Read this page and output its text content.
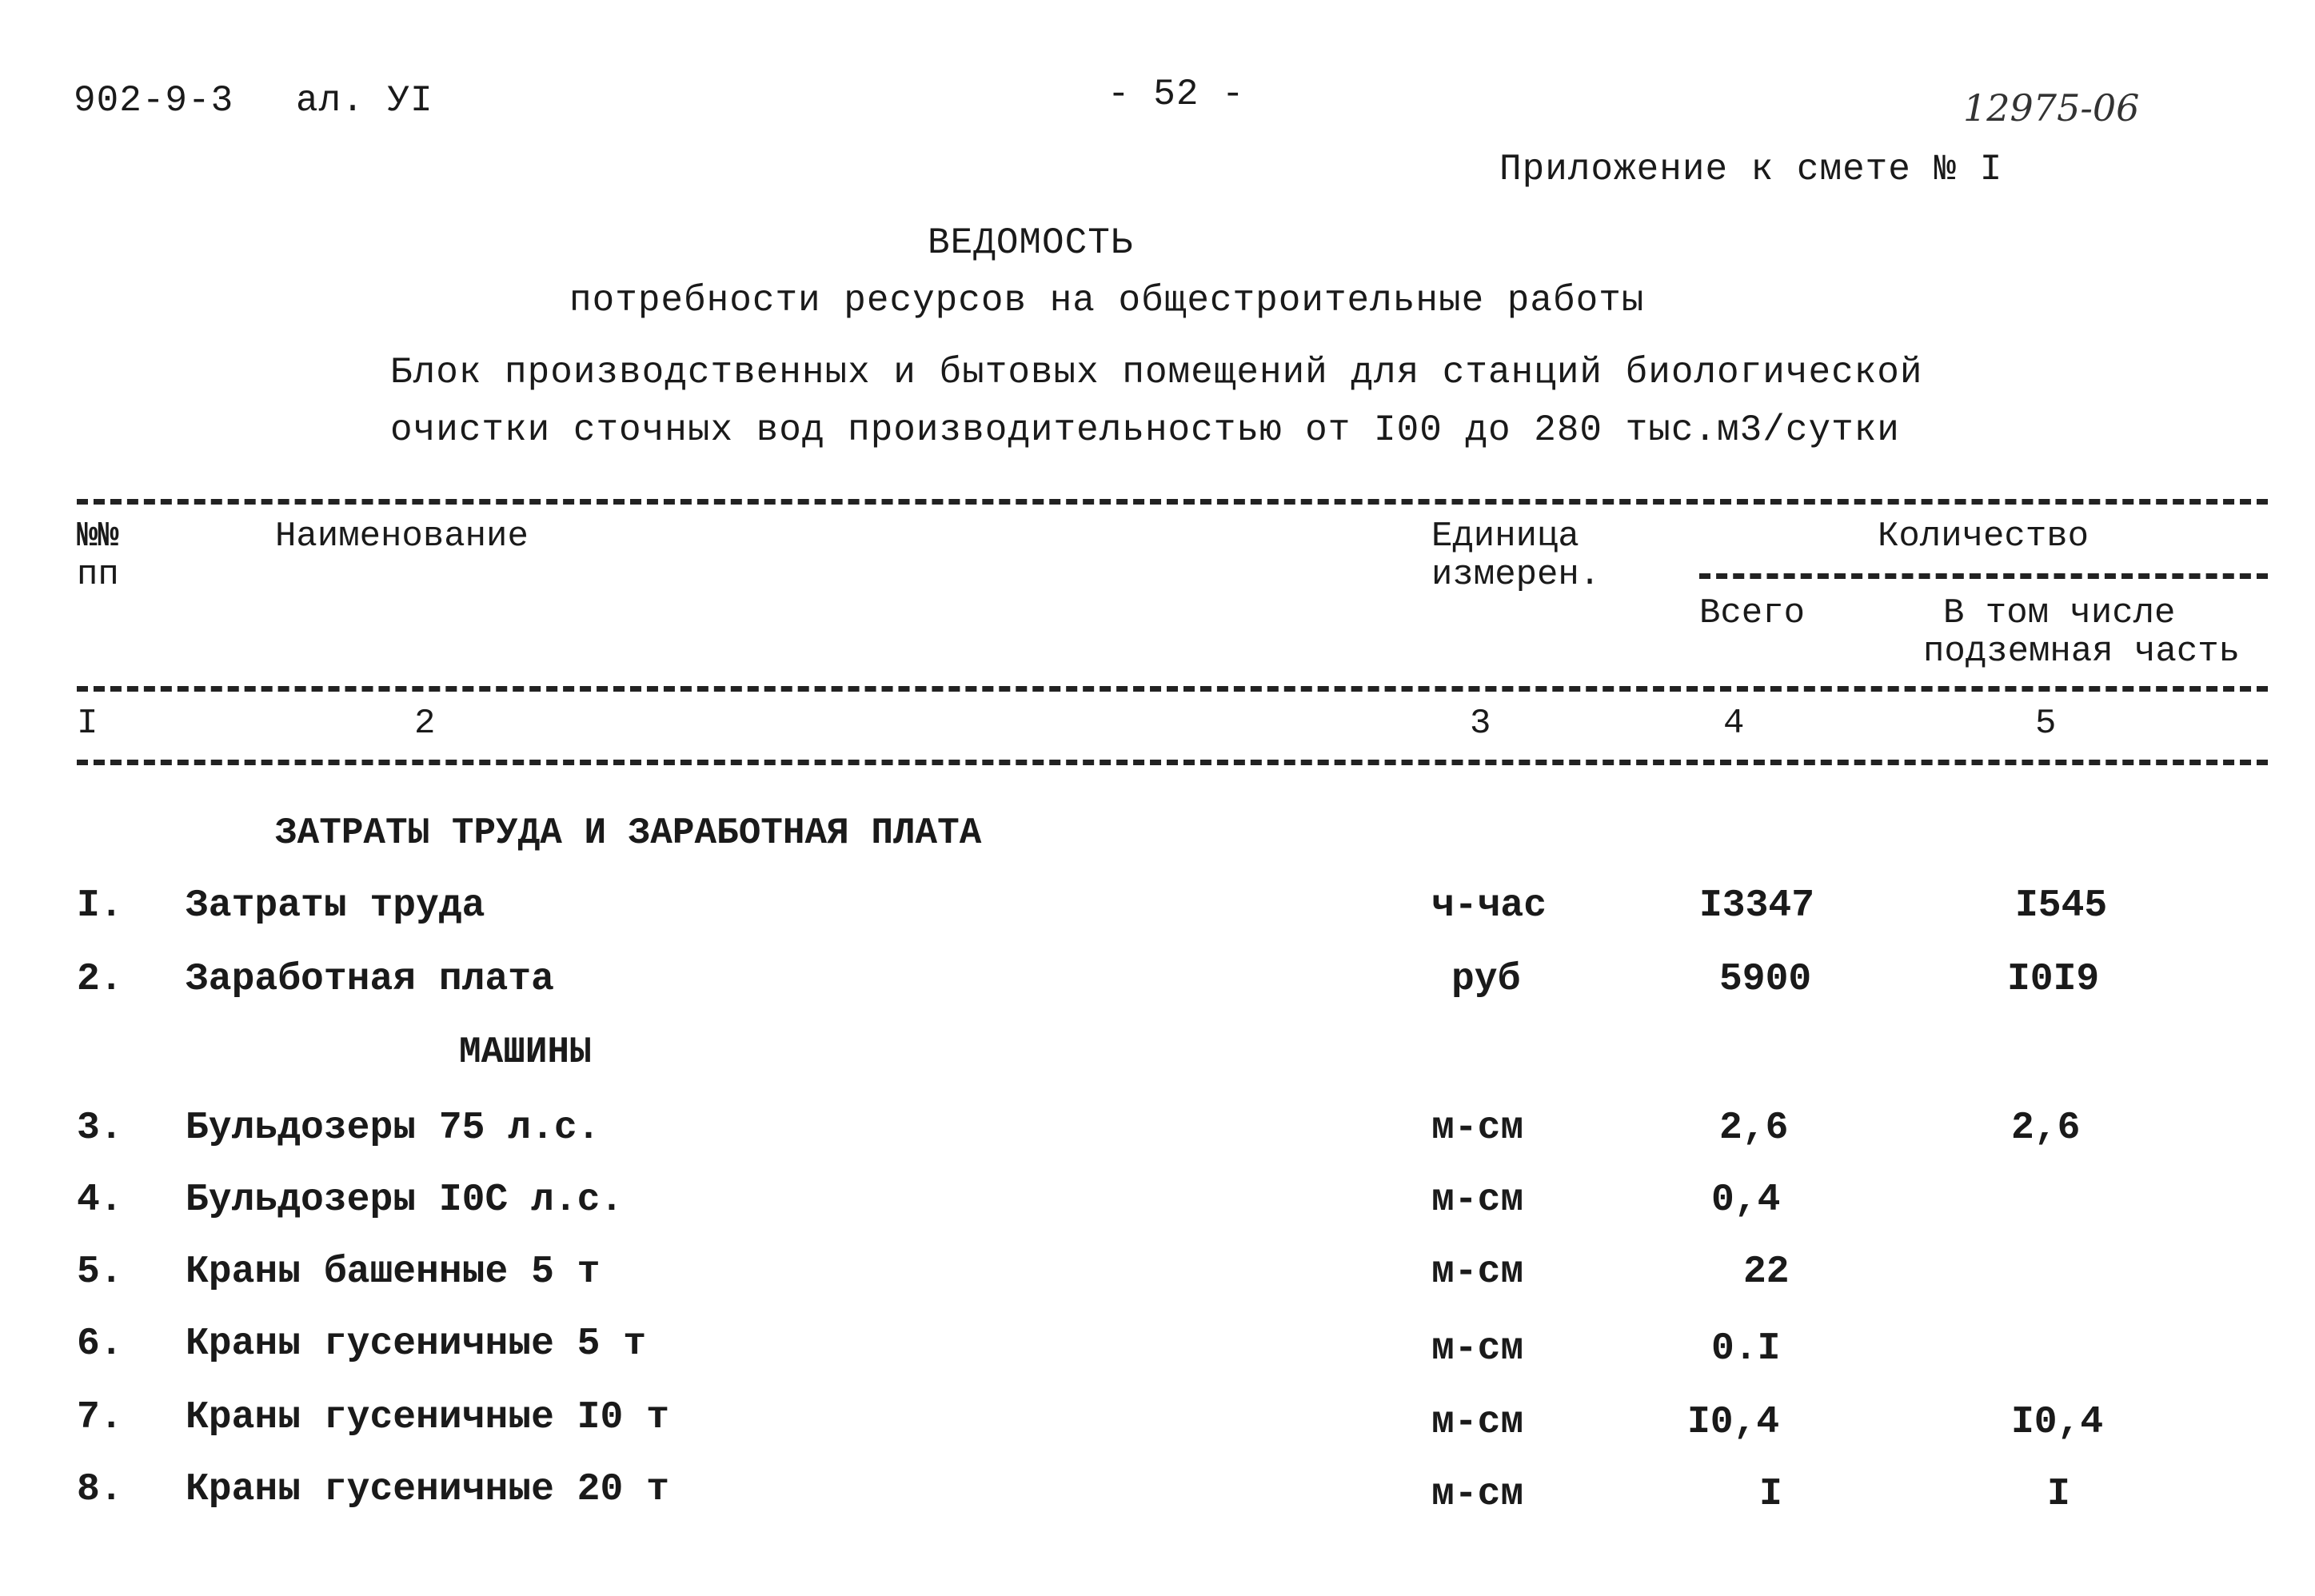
902-9-3 ал. УI	- 52 -	12975-06
Приложение к смете № I
ВЕДОМОСТЬ
потребности ресурсов на общестроительные работы
Блок производственных и бытовых помещений для станций биологической
очистки сточных вод производительностью от I00 до 280 тыс.м3/сутки
№№
пп
Наименование	Единица
измерен.
Количество
Всего	В том числе
подземная часть
I	2	3	4	5
ЗАТРАТЫ ТРУДА И ЗАРАБОТНАЯ ПЛАТА
I. Затраты труда	ч-час	I3347	I545
2. Заработная плата	руб	5900	I0I9
МАШИНЫ
3. Бульдозеры 75 л.с.	м-см	2,6	2,6
4. Бульдозеры I0С л.с.	м-см	0,4
5. Краны башенные 5 т	м-см	22
6. Краны гусеничные 5 т	м-см	0.I
7. Краны гусеничные I0 т	м-см	I0,4	I0,4
8. Краны гусеничные 20 т	м-см	I	I
